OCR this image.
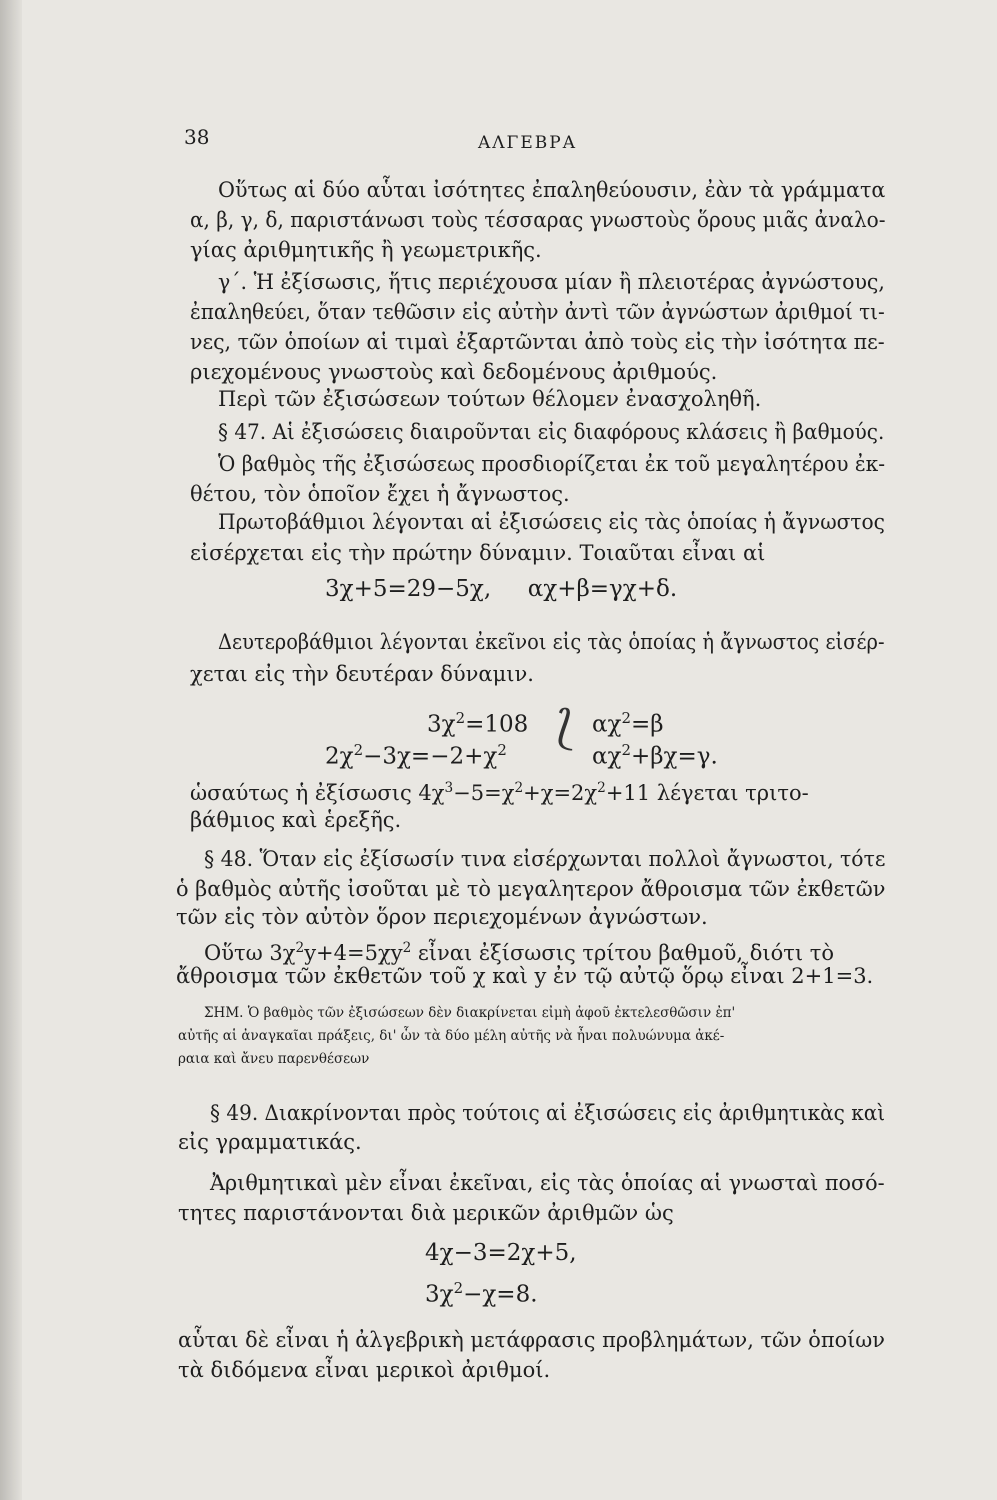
38	ΑΛΓΕΒΡΑ
Οὕτως αἱ δύο αὗται ἰσότητες ἐπαληθεύουσιν, ἐὰν τὰ γράμματα
α, β, γ, δ, παριστάνωσι τοὺς τέσσαρας γνωστοὺς ὅρους μιᾶς ἀναλο-
γίας ἀριθμητικῆς ἢ γεωμετρικῆς.
γ΄. Ἡ ἐξίσωσις, ἥτις περιέχουσα μίαν ἢ πλειοτέρας ἀγνώστους,
ἐπαληθεύει, ὅταν τεθῶσιν εἰς αὐτὴν ἀντὶ τῶν ἀγνώστων ἀριθμοί τι-
νες, τῶν ὁποίων αἱ τιμαὶ ἐξαρτῶνται ἀπὸ τοὺς εἰς τὴν ἰσότητα πε-
ριεχομένους γνωστοὺς καὶ δεδομένους ἀριθμούς.
Περὶ τῶν ἐξισώσεων τούτων θέλομεν ἐνασχοληθῆ.
§ 47. Αἱ ἐξισώσεις διαιροῦνται εἰς διαφόρους κλάσεις ἢ βαθμούς.
Ὁ βαθμὸς τῆς ἐξισώσεως προσδιορίζεται ἐκ τοῦ μεγαλητέρου ἐκ-
θέτου, τὸν ὁποῖον ἔχει ἡ ἄγνωστος.
Πρωτοβάθμιοι λέγονται αἱ ἐξισώσεις εἰς τὰς ὁποίας ἡ ἄγνωστος
εἰσέρχεται εἰς τὴν πρώτην δύναμιν. Τοιαῦται εἶναι αἱ
3χ+5=29−5χ,     αχ+β=γχ+δ.
Δευτεροβάθμιοι λέγονται ἐκεῖνοι εἰς τὰς ὁποίας ἡ ἄγνωστος εἰσέρ-
χεται εἰς τὴν δευτέραν δύναμιν.
$3\chi^2=108$
$2\chi^2-3\chi=-2+\chi^2$ ⟅ $\alpha\chi^2=\beta$
$\alpha\chi^2+\beta\chi=\gamma$.
ὡσαύτως ἡ ἐξίσωσις $4\chi^3-5=\chi^2+\chi=2\chi^2+11$ λέγεται τριτο-
βάθμιος καὶ ἑρεξῆς.
§ 48. Ὅταν εἰς ἐξίσωσίν τινα εἰσέρχωνται πολλοὶ ἄγνωστοι, τότε
ὁ βαθμὸς αὐτῆς ἰσοῦται μὲ τὸ μεγαλητερον ἄθροισμα τῶν ἐκθετῶν
τῶν εἰς τὸν αὐτὸν ὅρον περιεχομένων ἀγνώστων.
Οὕτω $3\chi^2y+4=5\chi y^2$ εἶναι ἐξίσωσις τρίτου βαθμοῦ, διότι τὸ
ἄθροισμα τῶν ἐκθετῶν τοῦ χ καὶ y ἐν τῷ αὐτῷ ὅρῳ εἶναι 2+1=3.
ΣΗΜ. Ὁ βαθμὸς τῶν ἐξισώσεων δὲν διακρίνεται εἰμὴ ἀφοῦ ἐκτελεσθῶσιν ἐπ'
αὐτῆς αἱ ἀναγκαῖαι πράξεις, δι' ὧν τὰ δύο μέλη αὐτῆς νὰ ἦναι πολυώνυμα ἀκέ-
ραια καὶ ἄνευ παρενθέσεων
§ 49. Διακρίνονται πρὸς τούτοις αἱ ἐξισώσεις εἰς ἀριθμητικὰς καὶ
εἰς γραμματικάς.
Ἀριθμητικαὶ μὲν εἶναι ἐκεῖναι, εἰς τὰς ὁποίας αἱ γνωσταὶ ποσό-
τητες παριστάνονται διὰ μερικῶν ἀριθμῶν ὡς
4χ−3=2χ+5,
$3\chi^2-\chi=8$.
αὗται δὲ εἶναι ἡ ἀλγεβρικὴ μετάφρασις προβλημάτων, τῶν ὁποίων
τὰ διδόμενα εἶναι μερικοὶ ἀριθμοί.
